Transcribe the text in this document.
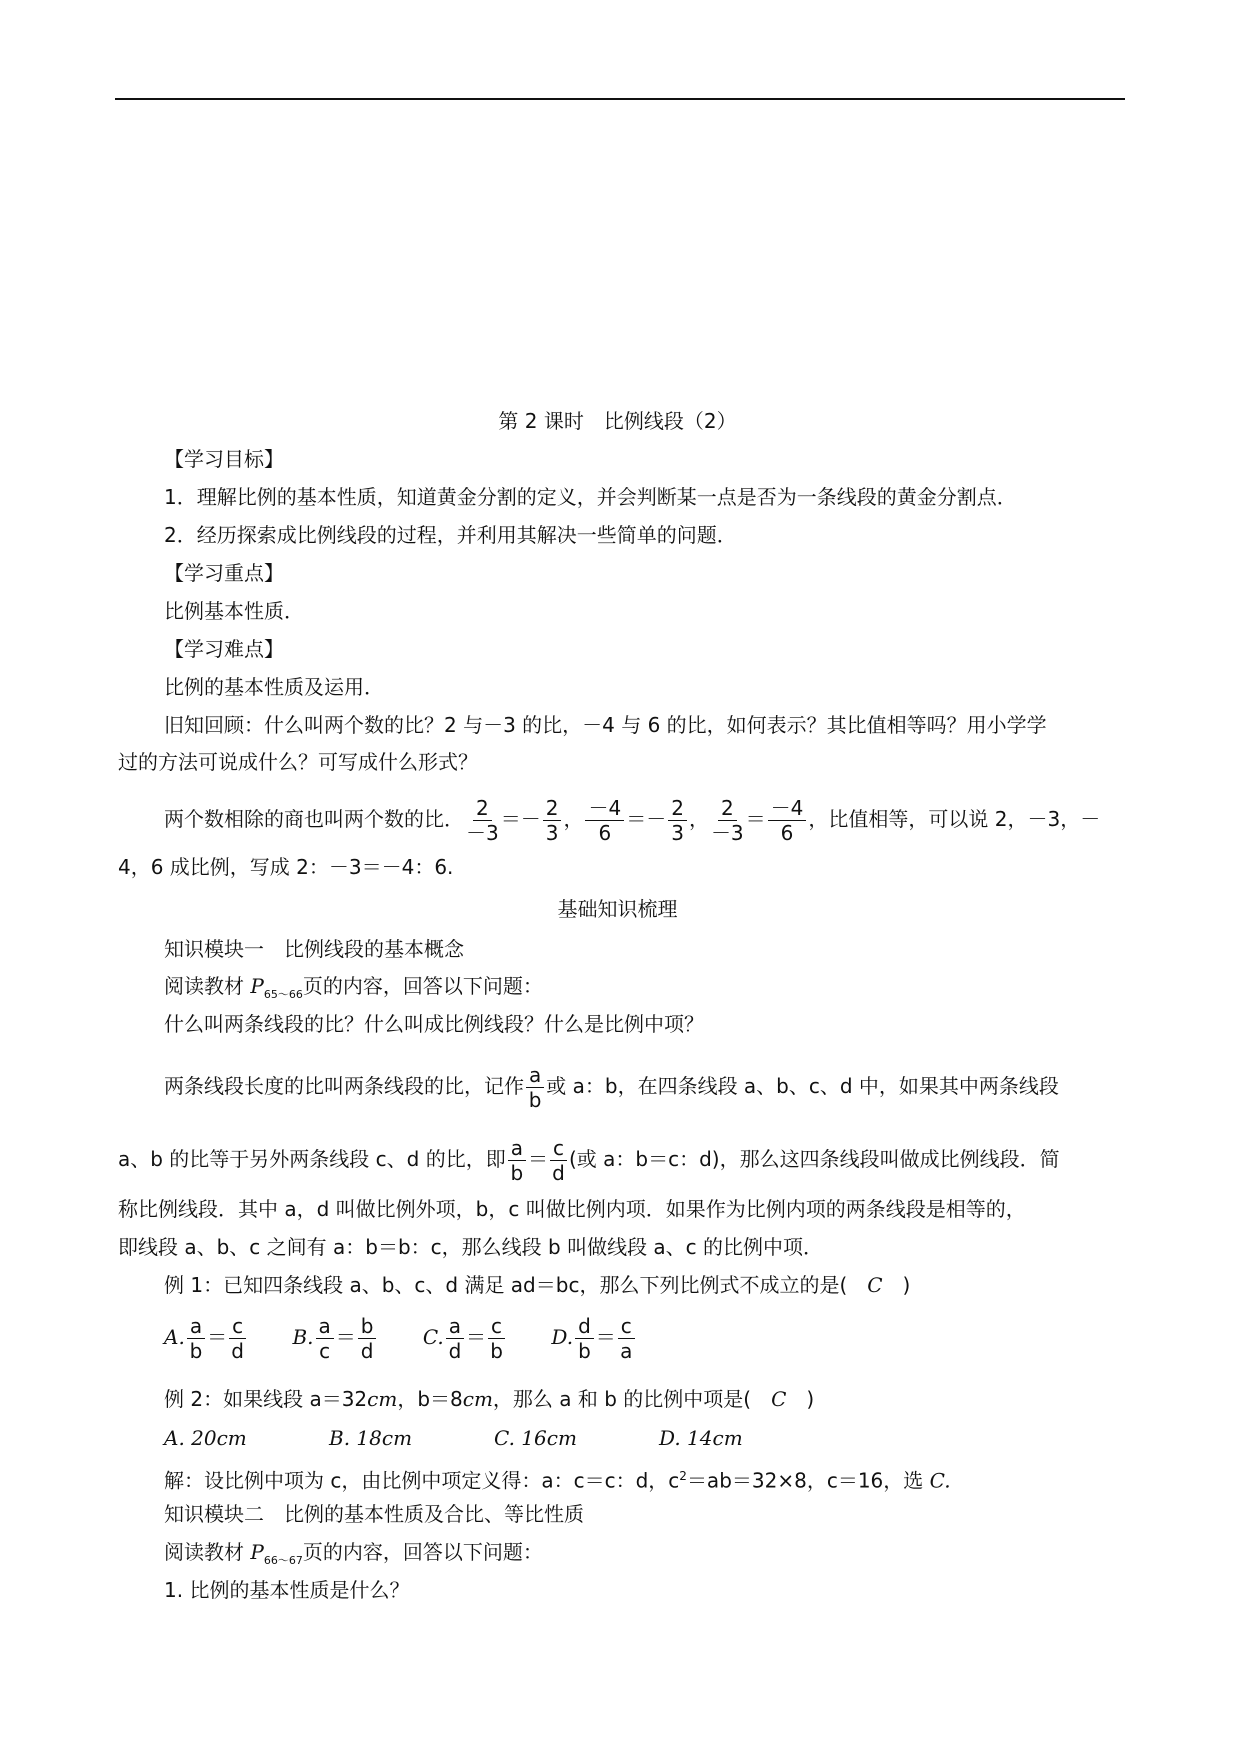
第 2 课时　比例线段（2）
【学习目标】
1．理解比例的基本性质，知道黄金分割的定义，并会判断某一点是否为一条线段的黄金分割点．
2．经历探索成比例线段的过程，并利用其解决一些简单的问题．
【学习重点】
比例基本性质．
【学习难点】
比例的基本性质及运用．
旧知回顾：什么叫两个数的比？2 与－3 的比，－4 与 6 的比，如何表示？其比值相等吗？用小学学
过的方法可说成什么？可写成什么形式？
两个数相除的商也叫两个数的比． $\frac{2}{-3} =- \frac{2}{3}$ ， $\frac{-4}{6} =- \frac{2}{3}$ ， $\frac{2}{-3} = \frac{-4}{6}$ ，比值相等，可以说 2，－3，－
4，6 成比例，写成 2：－3＝－4：6.
基础知识梳理
知识模块一　比例线段的基本概念
阅读教材 $P_{65\sim 66}$页的内容，回答以下问题：
什么叫两条线段的比？什么叫成比例线段？什么是比例中项？
两条线段长度的比叫两条线段的比，记作 $\frac{a}{b}$ 或 a：b，在四条线段 a、b、c、d 中，如果其中两条线段
a、b 的比等于另外两条线段 c、d 的比，即 $\frac{a}{b} = \frac{c}{d}$ (或 a：b＝c：d)，那么这四条线段叫做成比例线段．简
称比例线段．其中 a，d 叫做比例外项，b，c 叫做比例内项．如果作为比例内项的两条线段是相等的，
即线段 a、b、c 之间有 a：b＝b：c，那么线段 b 叫做线段 a、c 的比例中项．
例 1：已知四条线段 a、b、c、d 满足 ad＝bc，那么下列比例式不成立的是(　C　)
A. $\frac{a}{b} = \frac{c}{d} B$. $\frac{a}{c} = \frac{b}{d} C$. $\frac{a}{d} = \frac{c}{b} D$. $\frac{d}{b} = \frac{c}{a}$
例 2：如果线段 a＝32cm，b＝8cm，那么 a 和 b 的比例中项是(　C　)
A. 20cm	B. 18cm	C. 16cm	D. 14cm
解：设比例中项为 c，由比例中项定义得：a：c＝c：d，$c^2=ab=32\times 8$，c＝16，选 C.
知识模块二　比例的基本性质及合比、等比性质
阅读教材 $P_{66\sim 67}$页的内容，回答以下问题：
1. 比例的基本性质是什么？
